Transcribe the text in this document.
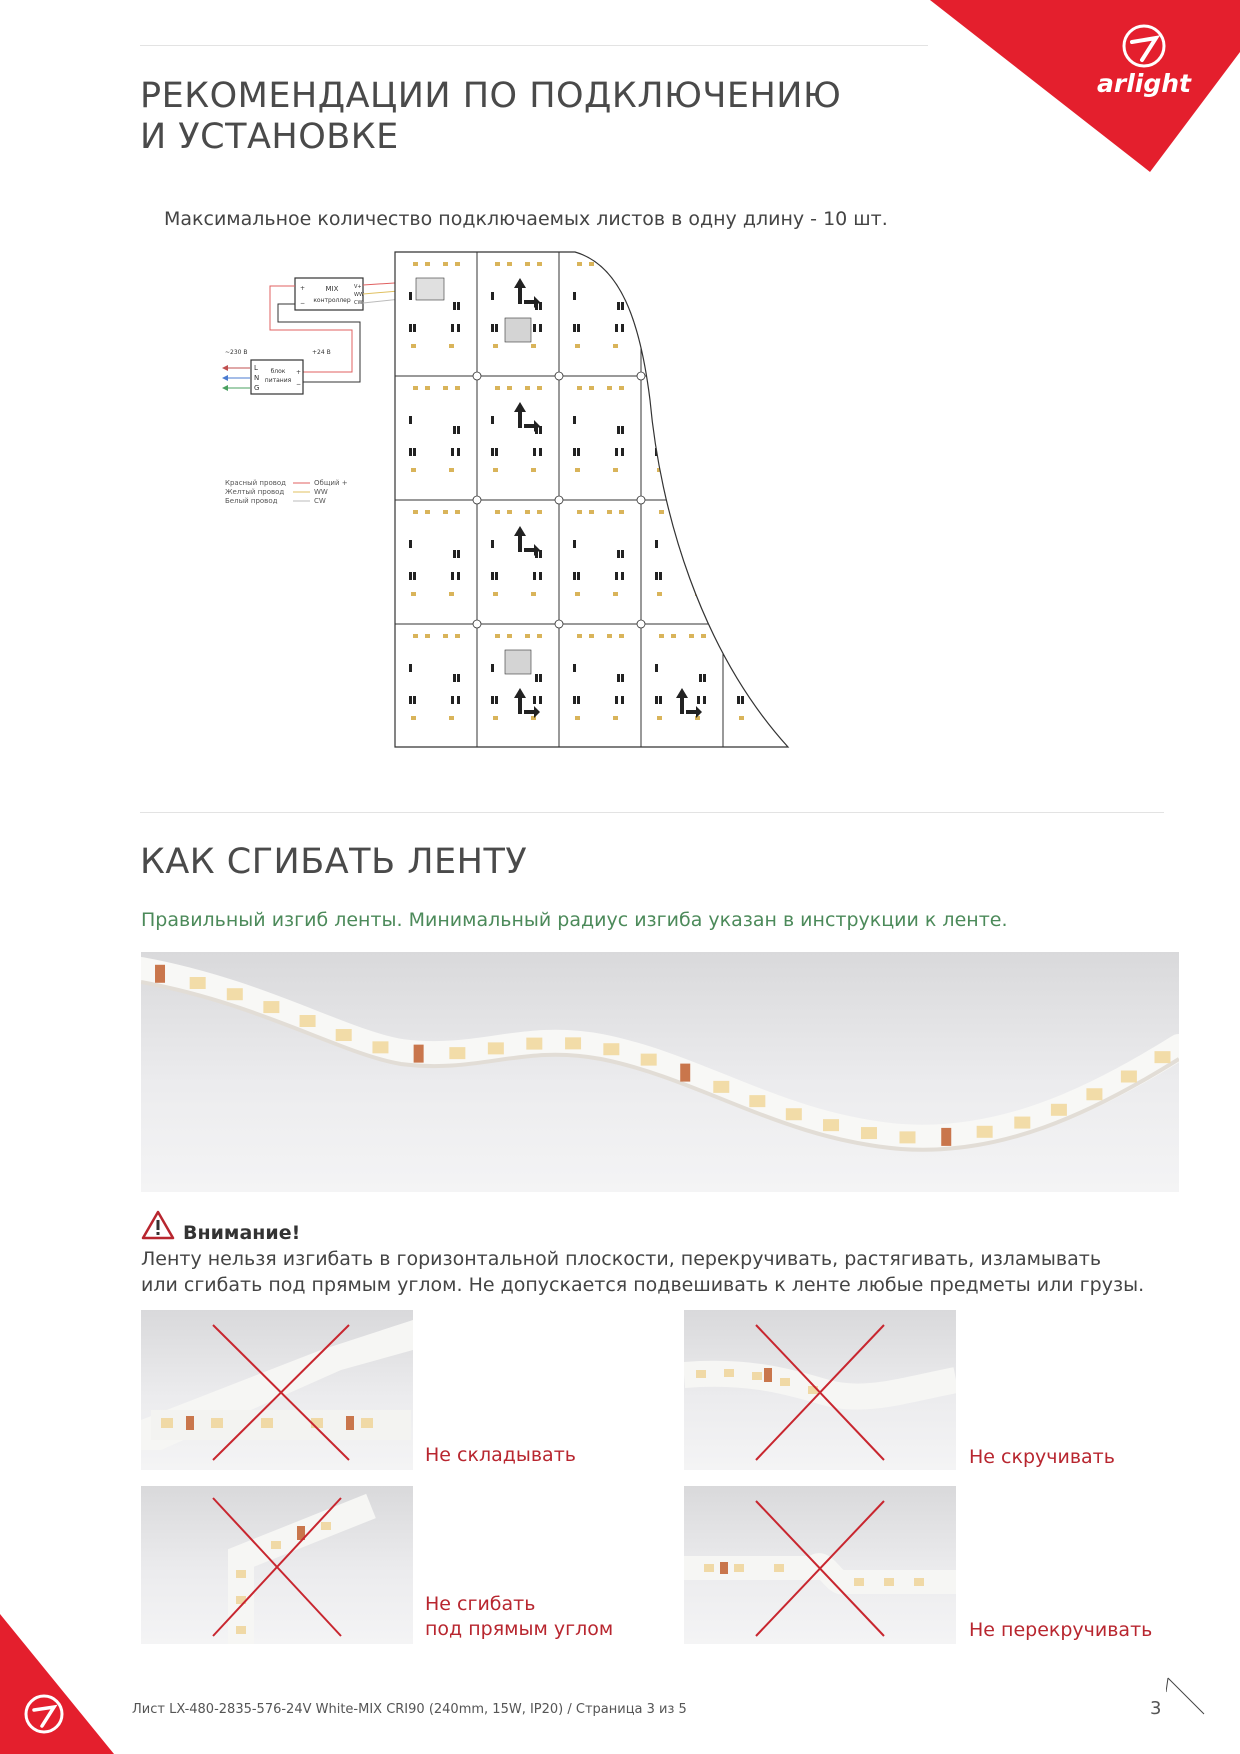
arlight
РЕКОМЕНДАЦИИ ПО ПОДКЛЮЧЕНИЮ
И УСТАНОВКЕ
Максимальное количество подключаемых листов в одну длину - 10 шт.
MIX
контроллер
+
−
V+
WW
CW
блок
питания
L
N
G
+
−
~230 В	+24 В
Красный провод
Желтый провод
Белый провод
Общий +
WW
CW
КАК СГИБАТЬ ЛЕНТУ
Правильный изгиб ленты. Минимальный радиус изгиба указан в инструкции к ленте.
Внимание!
Ленту нельзя изгибать в горизонтальной плоскости, перекручивать, растягивать, изламывать
или сгибать под прямым углом. Не допускается подвешивать к ленте любые предметы или грузы.
Не складывать	Не скручивать
Не сгибать
под прямым углом	Не перекручивать
Лист LX-480-2835-576-24V White-MIX CRI90 (240mm, 15W, IP20) / Страница 3 из 5	3
